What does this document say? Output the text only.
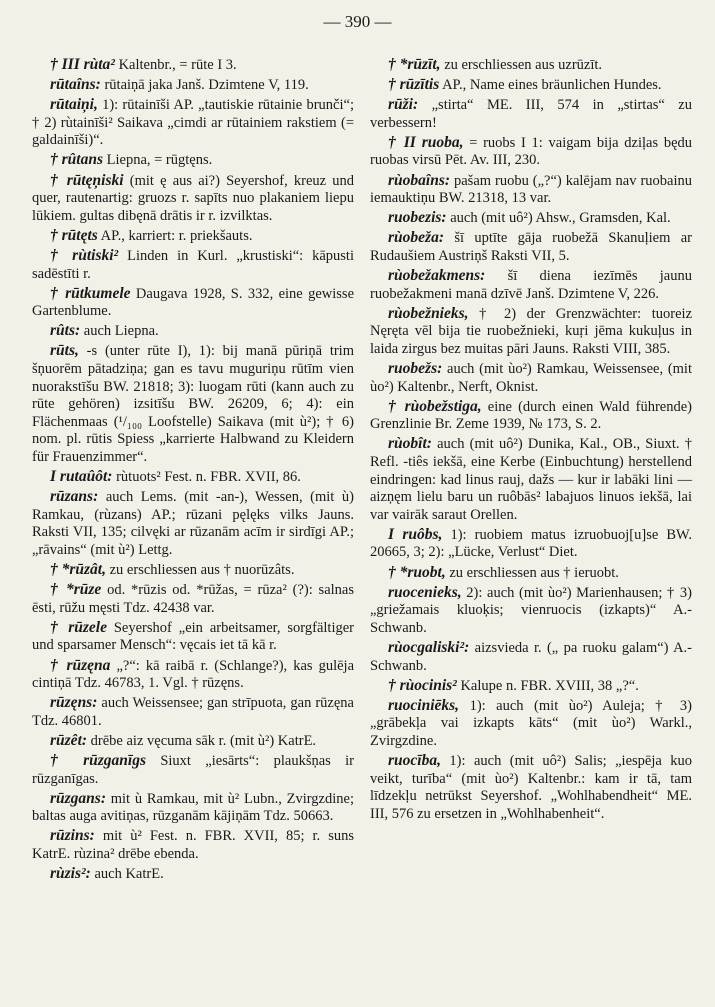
— 390 —

† III rùta² Kaltenbr., = rūte I 3.

rūtaîns: rūtaiņā jaka Janš. Dzimtene V, 119.

rūtaiņi, 1): rūtainīši AP. „tautiskie rūtainie brunči“; † 2) rùtainīši² Saikava „cimdi ar rūtainiem rakstiem (= galdainīši)“.

† rûtans Liepna, = rūgtęns.

† rūtęņiski (mit ę aus ai?) Seyershof, kreuz und quer, rautenartig: gruozs r. sapīts nuo plakaniem liepu lūkiem. gultas dibęnā drātis ir r. izvilktas.

† rūtęts AP., karriert: r. priekšauts.

† rùtiski² Linden in Kurl. „krustiski“: kāpusti sadēstīti r.

† rūtkumele Daugava 1928, S. 332, eine gewisse Gartenblume.

rûts: auch Liepna.

rūts, -s (unter rūte I), 1): bij manā pūriņā trim šņuorēm pātadziņa; gan es tavu muguriņu rūtīm vien nuorakstīšu BW. 21818; 3): luogam rūti (kann auch zu rūte gehören) izsitīšu BW. 26209, 6; 4): ein Flächenmaas (¹/₁₀₀ Loofstelle) Saikava (mit ù²); † 6) nom. pl. rūtis Spiess „karrierte Halbwand zu Kleidern für Frauenzimmer“.

I rutaûôt: rùtuots² Fest. n. FBR. XVII, 86.

rūzans: auch Lems. (mit -an-), Wessen, (mit ù) Ramkau, (rùzans) AP.; rūzani pęlęks vilks Jauns. Raksti VII, 135; cilvęki ar rūzanām acīm ir sirdīgi AP.; „rāvains“ (mit ù²) Lettg.

† *rūzât, zu erschliessen aus † nuorūzâts.

† *rūze od. *rūzis od. *rūžas, = rūza² (?): salnas ēsti, rūžu męsti Tdz. 42438 var.

† rūzele Seyershof „ein arbeitsamer, sorgfältiger und sparsamer Mensch“: vęcais iet tā kā r.

† rūzęna „?“: kā raibā r. (Schlange?), kas gulēja cintiņā Tdz. 46783, 1. Vgl. † rūzęns.

rūzęns: auch Weissensee; gan strīpuota, gan rūzęna Tdz. 46801.

rūzêt: drēbe aiz vęcuma sāk r. (mit ù²) KatrE.

† rūzganīgs Siuxt „iesārts“: plaukšņas ir rūzganīgas.

rūzgans: mit ù Ramkau, mit ù² Lubn., Zvirgzdine; baltas auga avitiņas, rūzganām kājiņām Tdz. 50663.

rūzins: mit ù² Fest. n. FBR. XVII, 85; r. suns KatrE. rùzina² drēbe ebenda.

rùzis²: auch KatrE.

† *rūzīt, zu erschliessen aus uzrūzīt.

† rūzītis AP., Name eines bräunlichen Hundes.

rūži: „stirta“ ME. III, 574 in „stirtas“ zu verbessern!

† II ruoba, = ruobs I 1: vaigam bija dziļas będu ruobas virsū Pēt. Av. III, 230.

rùobaîns: pašam ruobu („?“) kalējam nav ruobainu iemauktiņu BW. 21318, 13 var.

ruobezis: auch (mit uô²) Ahsw., Gramsden, Kal.

rùobeža: šī uptīte gāja ruobežā Skanuļiem ar Rudaušiem Austriņš Raksti VII, 5.

rùobežakmens: šī diena iezīmēs jaunu ruobežakmeni manā dzīvē Janš. Dzimtene V, 226.

rùobežnieks, † 2) der Grenzwächter: tuoreiz Nęręta vēl bija tie ruobežnieki, kuŗi jēma kukuļus in laida zirgus bez muitas pāri Jauns. Raksti VIII, 385.

ruobežs: auch (mit ùo²) Ramkau, Weissensee, (mit ùo²) Kaltenbr., Nerft, Oknist.

† rùobežstiga, eine (durch einen Wald führende) Grenzlinie Br. Zeme 1939, № 173, S. 2.

rùobît: auch (mit uô²) Dunika, Kal., OB., Siuxt. † Refl. -tiês iekšā, eine Kerbe (Einbuchtung) herstellend eindringen: kad linus rauj, dažs — kur ir labāki lini — aizņęm lielu baru un ruôbās² labajuos linuos iekšā, lai var vairāk saraut Orellen.

I ruôbs, 1): ruobiem matus izruobuoj[u]se BW. 20665, 3; 2): „Lücke, Verlust“ Diet.

† *ruobt, zu erschliessen aus † ieruobt.

ruocenieks, 2): auch (mit ùo²) Marienhausen; † 3) „griežamais kluoķis; vienruocis (izkapts)“ A.-Schwanb.

rùocgaliski²: aizsvieda r. („ pa ruoku galam“) A.-Schwanb.

† rùocinis² Kalupe n. FBR. XVIII, 38 „?“.

ruociniēks, 1): auch (mit ùo²) Auleja; † 3) „grābekļa vai izkapts kāts“ (mit ùo²) Warkl., Zvirgzdine.

ruocība, 1): auch (mit uô²) Salis; „iespēja kuo veikt, turība“ (mit ùo²) Kaltenbr.: kam ir tā, tam līdzekļu netrūkst Seyershof. „Wohlhabendheit“ ME. III, 576 zu ersetzen in „Wohlhabenheit“.
